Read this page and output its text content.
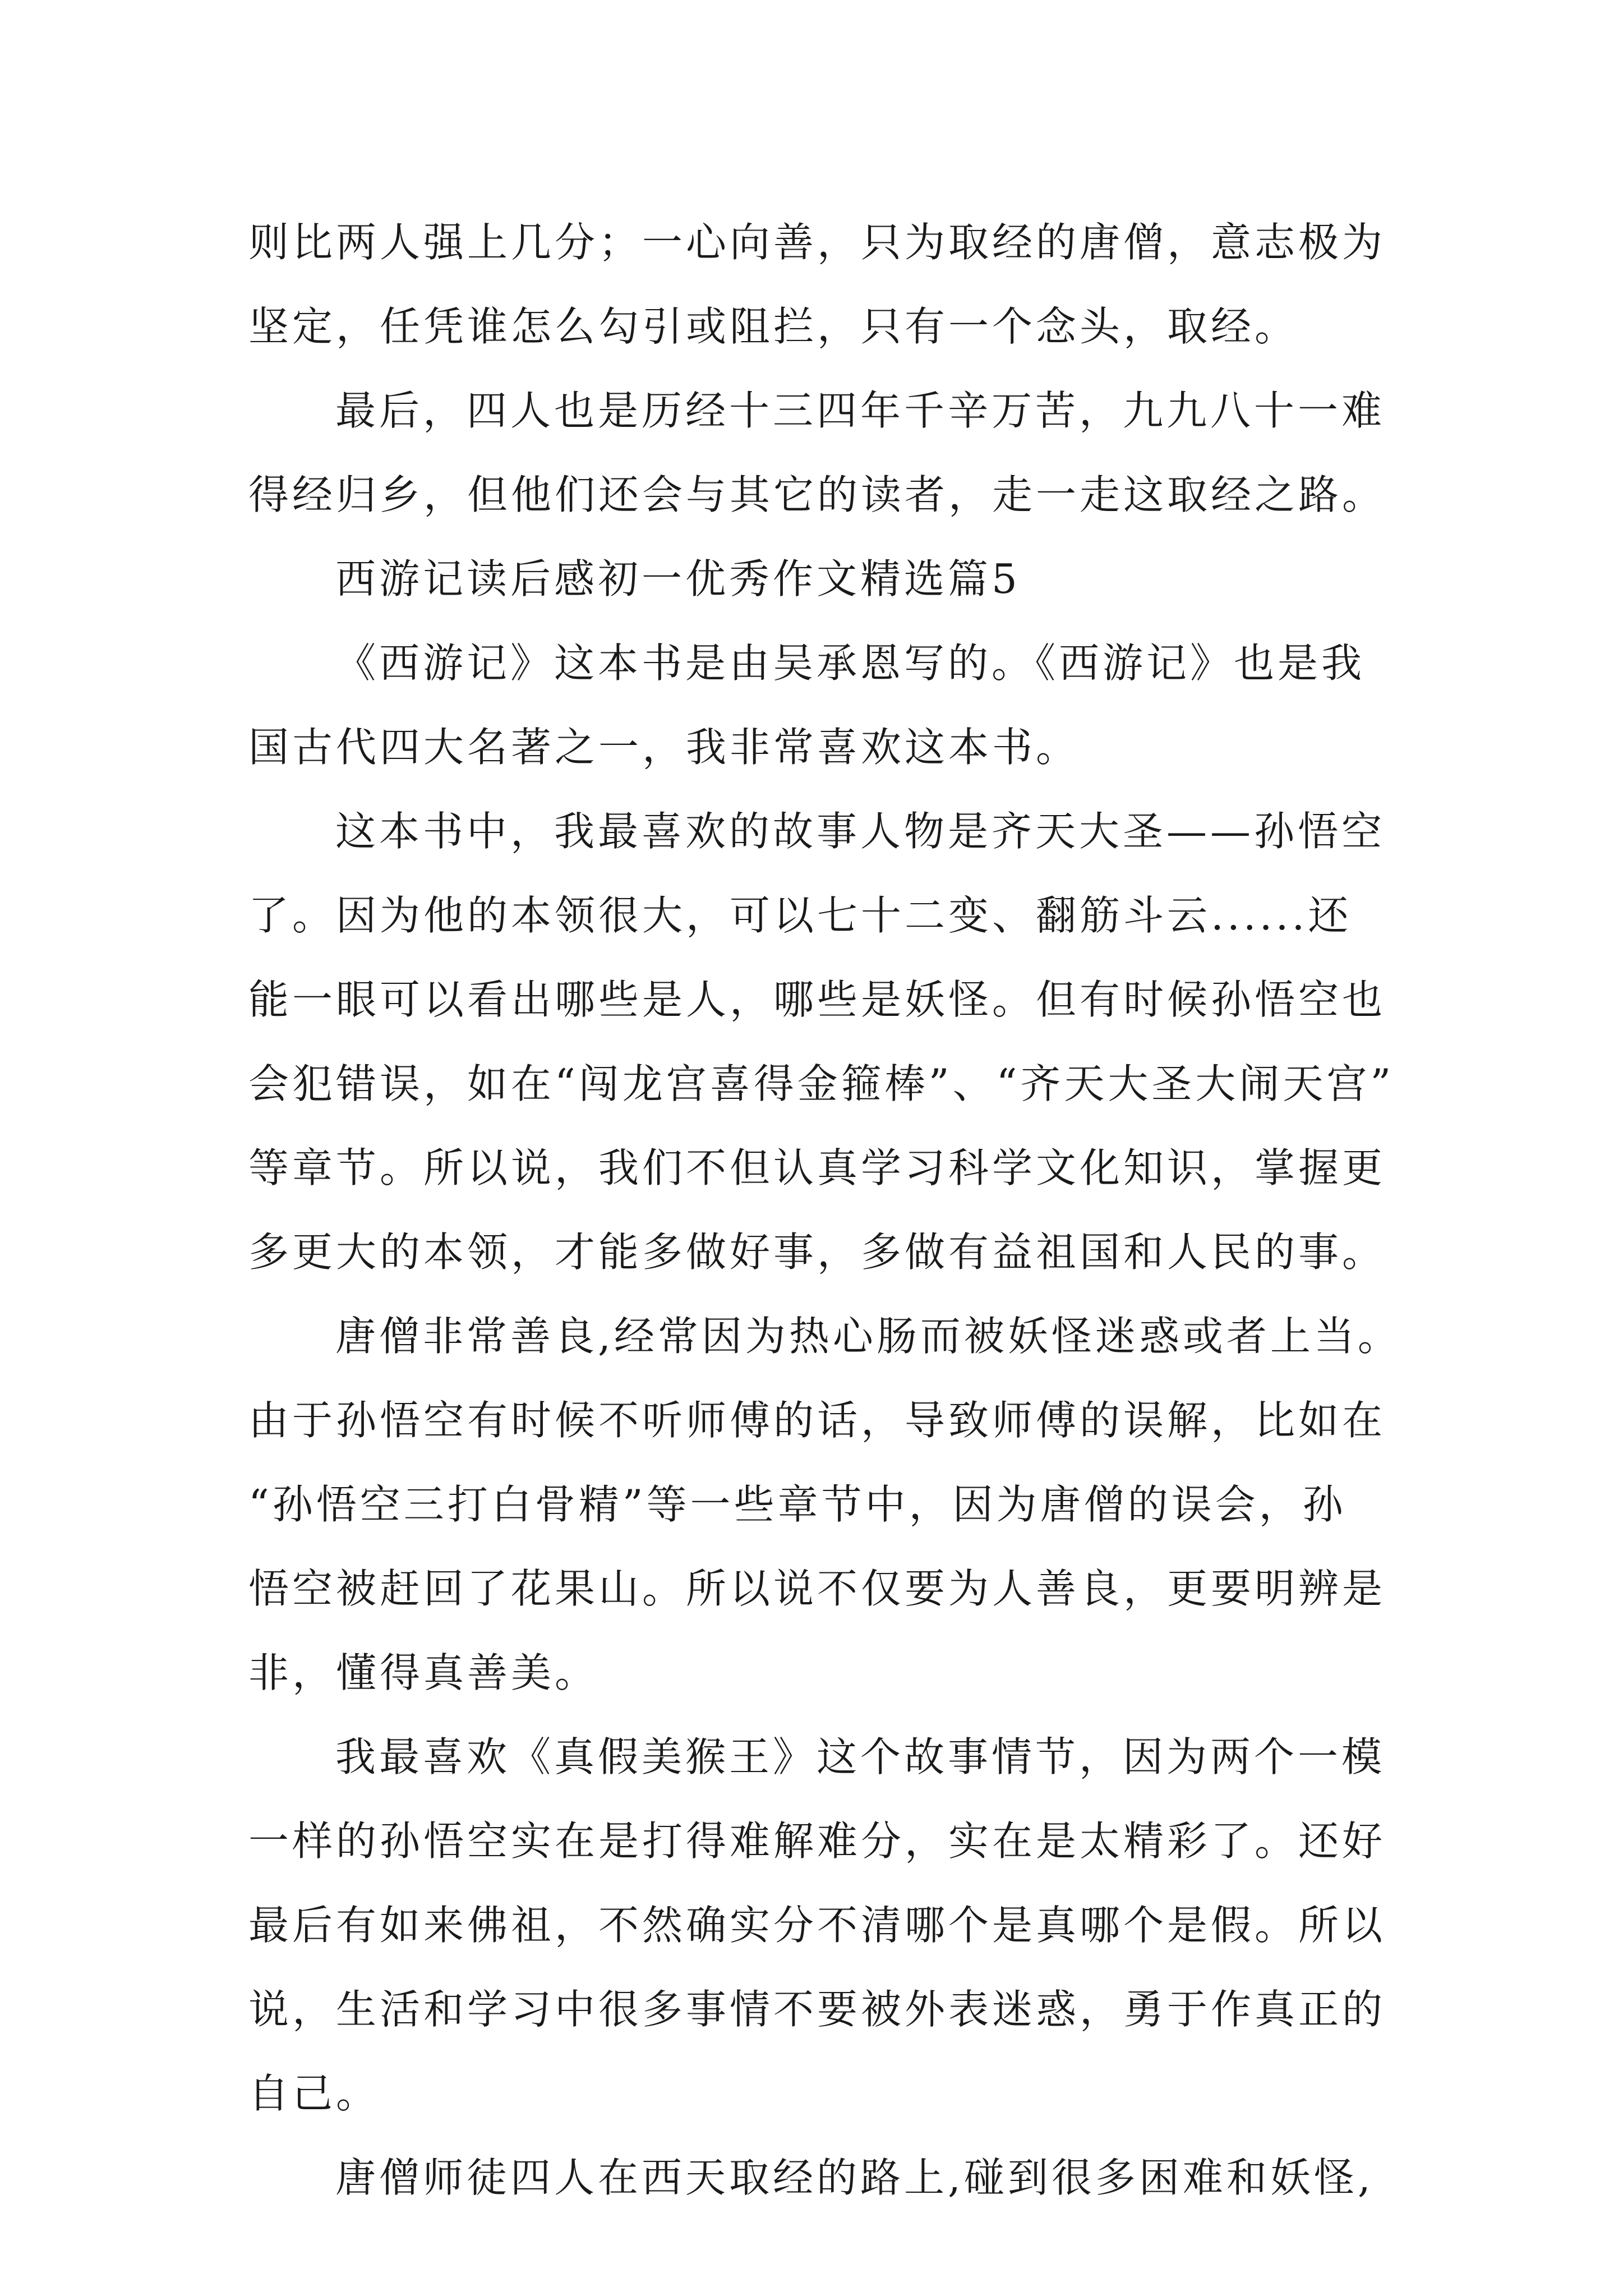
则比两人强上几分；一心向善，只为取经的唐僧，意志极为
坚定，任凭谁怎么勾引或阻拦，只有一个念头，取经。
最后，四人也是历经十三四年千辛万苦，九九八十一难
得经归乡，但他们还会与其它的读者，走一走这取经之路。
西游记读后感初一优秀作文精选篇5
《西游记》这本书是由吴承恩写的。《西游记》也是我
国古代四大名著之一，我非常喜欢这本书。
这本书中，我最喜欢的故事人物是齐天大圣——孙悟空
了。因为他的本领很大，可以七十二变、翻筋斗云......还
能一眼可以看出哪些是人，哪些是妖怪。但有时候孙悟空也
会犯错误，如在“闯龙宫喜得金箍棒”、“齐天大圣大闹天宫”
等章节。所以说，我们不但认真学习科学文化知识，掌握更
多更大的本领，才能多做好事，多做有益祖国和人民的事。
唐僧非常善良,经常因为热心肠而被妖怪迷惑或者上当。
由于孙悟空有时候不听师傅的话，导致师傅的误解，比如在
“孙悟空三打白骨精”等一些章节中，因为唐僧的误会，孙
悟空被赶回了花果山。所以说不仅要为人善良，更要明辨是
非，懂得真善美。
我最喜欢《真假美猴王》这个故事情节，因为两个一模
一样的孙悟空实在是打得难解难分，实在是太精彩了。还好
最后有如来佛祖，不然确实分不清哪个是真哪个是假。所以
说，生活和学习中很多事情不要被外表迷惑，勇于作真正的
自己。
唐僧师徒四人在西天取经的路上,碰到很多困难和妖怪,
